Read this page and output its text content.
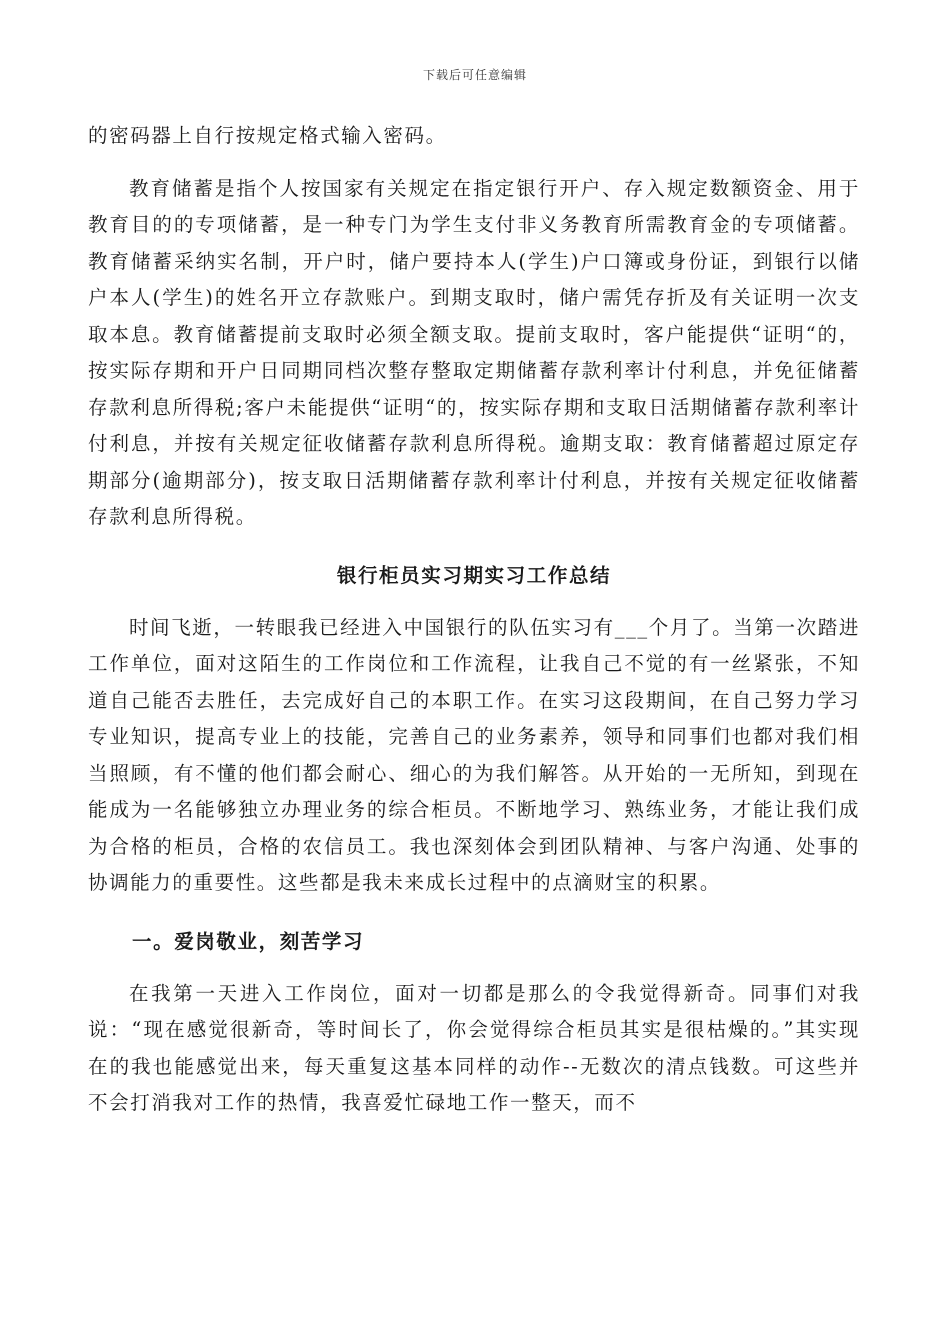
下载后可任意编辑

的密码器上自行按规定格式输入密码。

教育储蓄是指个人按国家有关规定在指定银行开户、存入规定数额资金、用于教育目的的专项储蓄，是一种专门为学生支付非义务教育所需教育金的专项储蓄。教育储蓄采纳实名制，开户时，储户要持本人(学生)户口簿或身份证，到银行以储户本人(学生)的姓名开立存款账户。到期支取时，储户需凭存折及有关证明一次支取本息。教育储蓄提前支取时必须全额支取。提前支取时，客户能提供“证明“的，按实际存期和开户日同期同档次整存整取定期储蓄存款利率计付利息，并免征储蓄存款利息所得税;客户未能提供“证明“的，按实际存期和支取日活期储蓄存款利率计付利息，并按有关规定征收储蓄存款利息所得税。逾期支取：教育储蓄超过原定存期部分(逾期部分)，按支取日活期储蓄存款利率计付利息，并按有关规定征收储蓄存款利息所得税。

银行柜员实习期实习工作总结

时间飞逝，一转眼我已经进入中国银行的队伍实习有___个月了。当第一次踏进工作单位，面对这陌生的工作岗位和工作流程，让我自己不觉的有一丝紧张，不知道自己能否去胜任，去完成好自己的本职工作。在实习这段期间，在自己努力学习专业知识，提高专业上的技能，完善自己的业务素养，领导和同事们也都对我们相当照顾，有不懂的他们都会耐心、细心的为我们解答。从开始的一无所知，到现在能成为一名能够独立办理业务的综合柜员。不断地学习、熟练业务，才能让我们成为合格的柜员，合格的农信员工。我也深刻体会到团队精神、与客户沟通、处事的协调能力的重要性。这些都是我未来成长过程中的点滴财宝的积累。

一。爱岗敬业，刻苦学习

在我第一天进入工作岗位，面对一切都是那么的令我觉得新奇。同事们对我说：“现在感觉很新奇，等时间长了，你会觉得综合柜员其实是很枯燥的。”其实现在的我也能感觉出来，每天重复这基本同样的动作--无数次的清点钱数。可这些并不会打消我对工作的热情，我喜爱忙碌地工作一整天，而不
